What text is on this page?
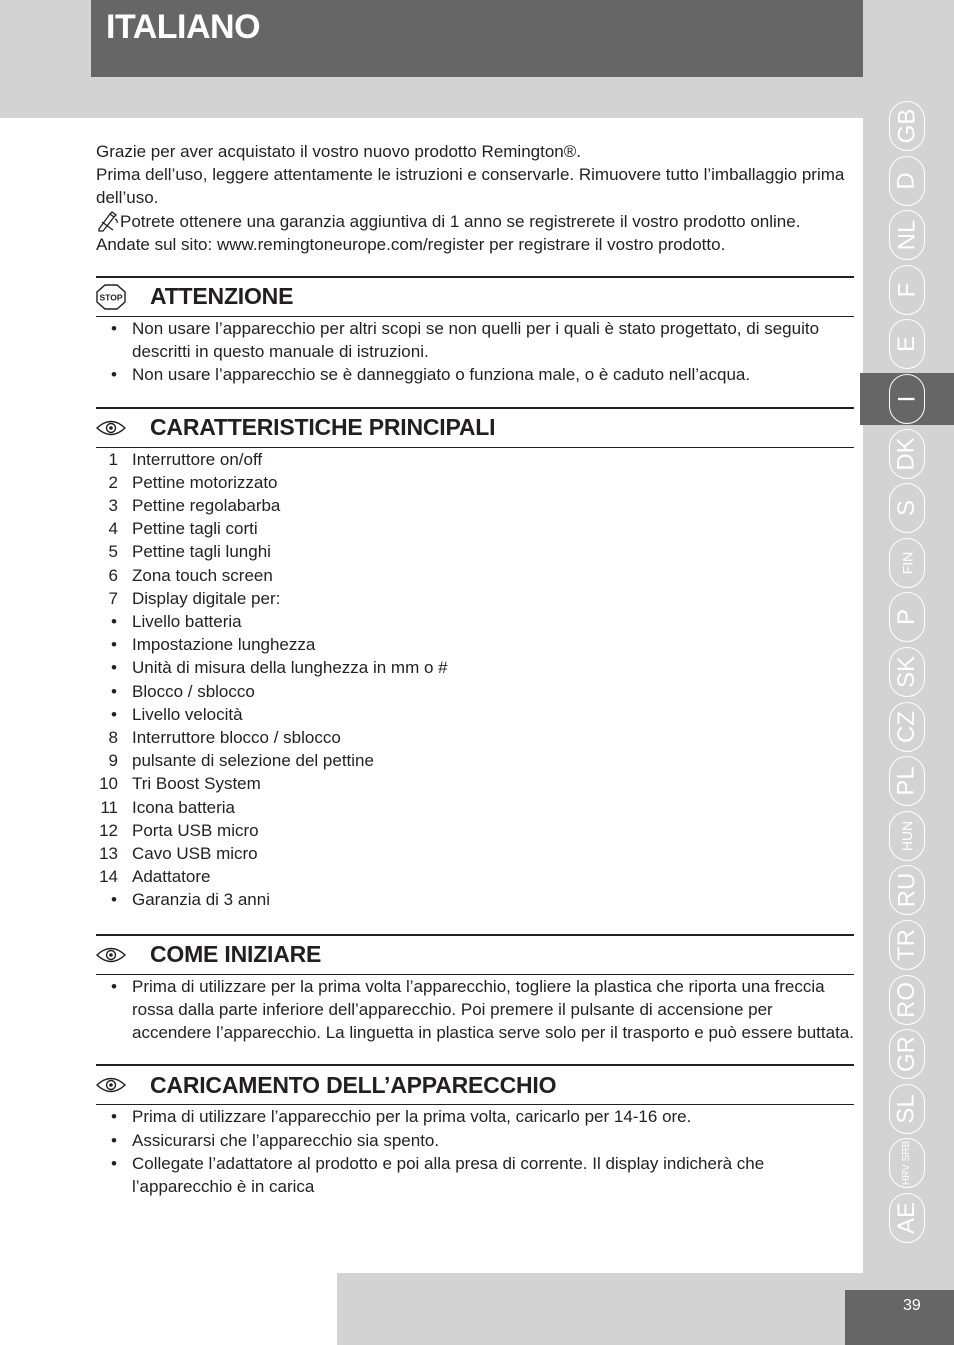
ITALIANO

Grazie per aver acquistato il vostro nuovo prodotto Remington®.

Prima dell’uso, leggere attentamente le istruzioni e conservarle. Rimuovere tutto l’imballaggio prima dell’uso.

Potrete ottenere una garanzia aggiuntiva di 1 anno se registrerete il vostro prodotto online.

Andate sul sito: www.remingtoneurope.com/register per registrare il vostro prodotto.

STOP ATTENZIONE
• Non usare l’apparecchio per altri scopi se non quelli per i quali è stato progettato, di seguito descritti in questo manuale di istruzioni.
• Non usare l’apparecchio se è danneggiato o funziona male, o è caduto nell’acqua.
CARATTERISTICHE PRINCIPALI
1 Interruttore on/off
2 Pettine motorizzato
3 Pettine regolabarba
4 Pettine tagli corti
5 Pettine tagli lunghi
6 Zona touch screen
7 Display digitale per:
• Livello batteria
• Impostazione lunghezza
• Unità di misura della lunghezza in mm o #
• Blocco / sblocco
• Livello velocità
8 Interruttore blocco / sblocco
9 pulsante di selezione del pettine
10 Tri Boost System
11 Icona batteria
12 Porta USB micro
13 Cavo USB micro
14 Adattatore
• Garanzia di 3 anni
COME INIZIARE
• Prima di utilizzare per la prima volta l’apparecchio, togliere la plastica che riporta una freccia rossa dalla parte inferiore dell’apparecchio. Poi premere il pulsante di accensione per accendere l’apparecchio. La linguetta in plastica serve solo per il trasporto e può essere buttata.
CARICAMENTO DELL’APPARECCHIO
• Prima di utilizzare l’apparecchio per la prima volta, caricarlo per 14-16 ore.
• Assicurarsi che l’apparecchio sia spento.
• Collegate l’adattatore al prodotto e poi alla presa di corrente. Il display indicherà che l’apparecchio è in carica
GB
D
NL
F
E
I
DK
S
FIN
P
SK
CZ
PL
HUN
RU
TR
RO
GR
SL
HRV SRB
AE
39
